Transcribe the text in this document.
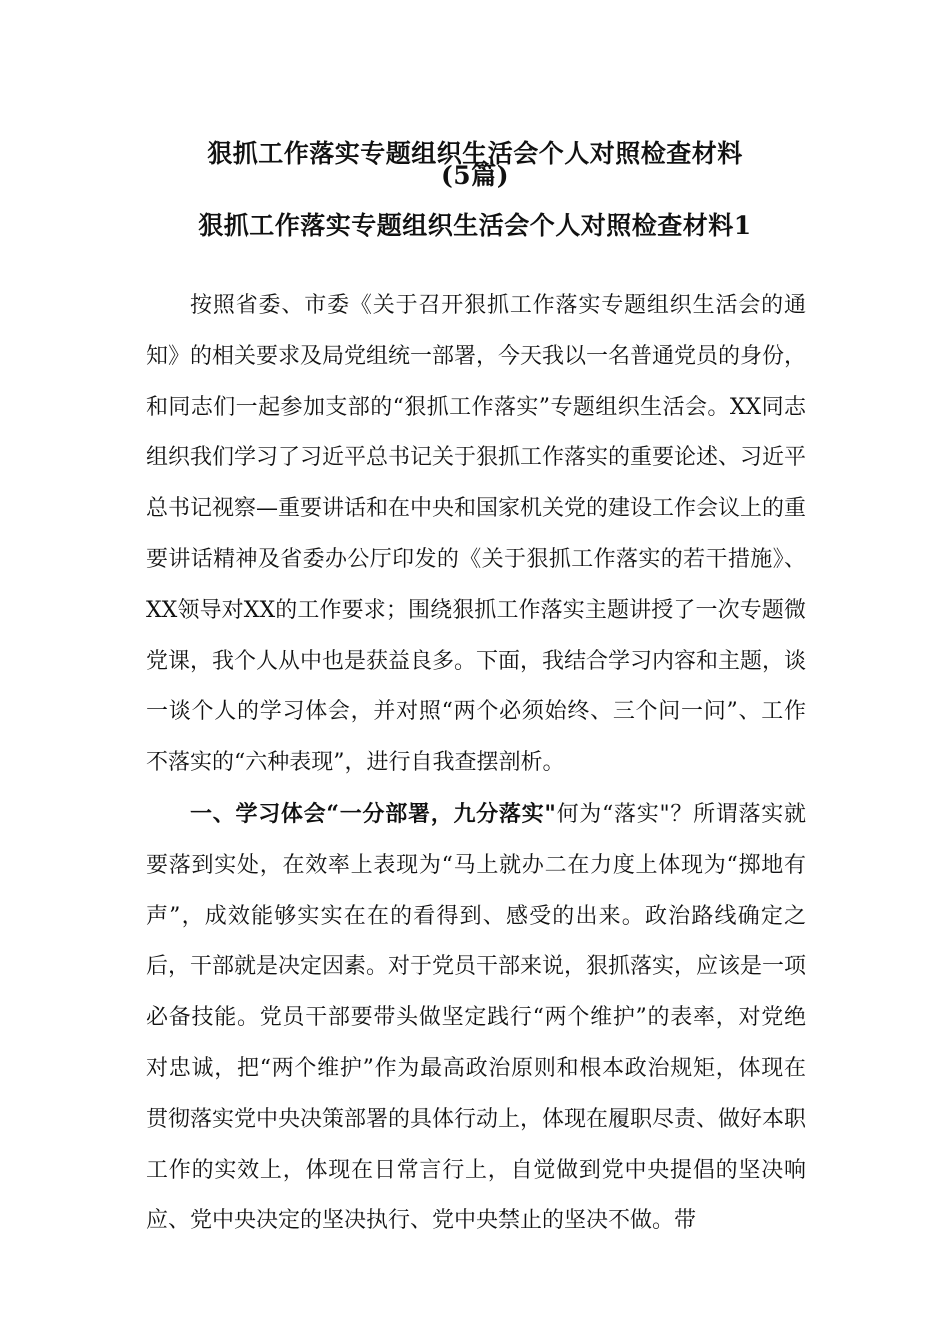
狠抓工作落实专题组织生活会个人对照检查材料
(5篇)
狠抓工作落实专题组织生活会个人对照检查材料1

按照省委、市委《关于召开狠抓工作落实专题组织生活会的通知》的相关要求及局党组统一部署，今天我以一名普通党员的身份，和同志们一起参加支部的“狠抓工作落实”专题组织生活会。XX同志组织我们学习了习近平总书记关于狠抓工作落实的重要论述、习近平总书记视察—重要讲话和在中央和国家机关党的建设工作会议上的重要讲话精神及省委办公厅印发的《关于狠抓工作落实的若干措施》、XX领导对XX的工作要求；围绕狠抓工作落实主题讲授了一次专题微党课，我个人从中也是获益良多。下面，我结合学习内容和主题，谈一谈个人的学习体会，并对照“两个必须始终、三个问一问”、工作不落实的“六种表现”，进行自我查摆剖析。

一、学习体会“一分部署，九分落实"何为“落实"？所谓落实就要落到实处，在效率上表现为“马上就办二在力度上体现为“掷地有声”，成效能够实实在在的看得到、感受的出来。政治路线确定之后，干部就是决定因素。对于党员干部来说，狠抓落实，应该是一项必备技能。党员干部要带头做坚定践行“两个维护”的表率，对党绝对忠诚，把“两个维护”作为最高政治原则和根本政治规矩，体现在贯彻落实党中央决策部署的具体行动上，体现在履职尽责、做好本职工作的实效上，体现在日常言行上，自觉做到党中央提倡的坚决响应、党中央决定的坚决执行、党中央禁止的坚决不做。带
